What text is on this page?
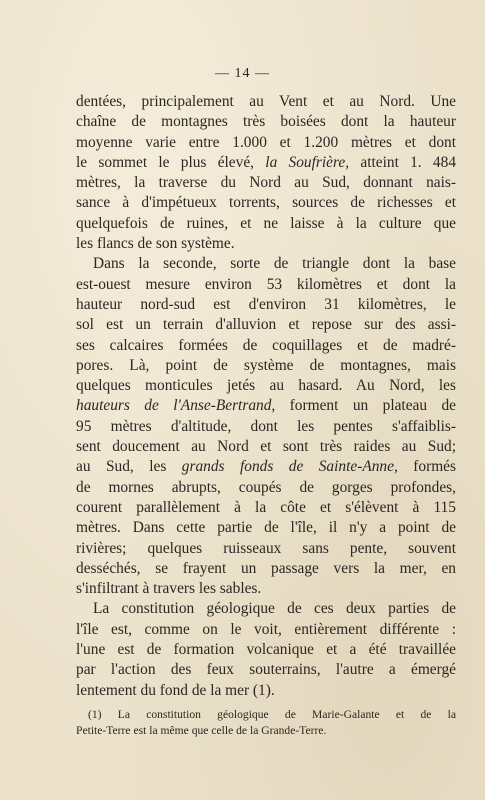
— 14 —

dentées, principalement au Vent et au Nord. Une
chaîne de montagnes très boisées dont la hauteur
moyenne varie entre 1.000 et 1.200 mètres et dont
le sommet le plus élevé, la Soufrière, atteint 1. 484
mètres, la traverse du Nord au Sud, donnant nais-
sance à d'impétueux torrents, sources de richesses et
quelquefois de ruines, et ne laisse à la culture que
les flancs de son système.

Dans la seconde, sorte de triangle dont la base
est-ouest mesure environ 53 kilomètres et dont la
hauteur nord-sud est d'environ 31 kilomètres, le
sol est un terrain d'alluvion et repose sur des assi-
ses calcaires formées de coquillages et de madré-
pores. Là, point de système de montagnes, mais
quelques monticules jetés au hasard. Au Nord, les
hauteurs de l'Anse-Bertrand, forment un plateau de
95 mètres d'altitude, dont les pentes s'affaiblis-
sent doucement au Nord et sont très raides au Sud;
au Sud, les grands fonds de Sainte-Anne, formés
de mornes abrupts, coupés de gorges profondes,
courent parallèlement à la côte et s'élèvent à 115
mètres. Dans cette partie de l'île, il n'y a point de
rivières; quelques ruisseaux sans pente, souvent
desséchés, se frayent un passage vers la mer, en
s'infiltrant à travers les sables.

La constitution géologique de ces deux parties de
l'île est, comme on le voit, entièrement différente :
l'une est de formation volcanique et a été travaillée
par l'action des feux souterrains, l'autre a émergé
lentement du fond de la mer (1).

(1) La constitution géologique de Marie-Galante et de la
Petite-Terre est la même que celle de la Grande-Terre.
